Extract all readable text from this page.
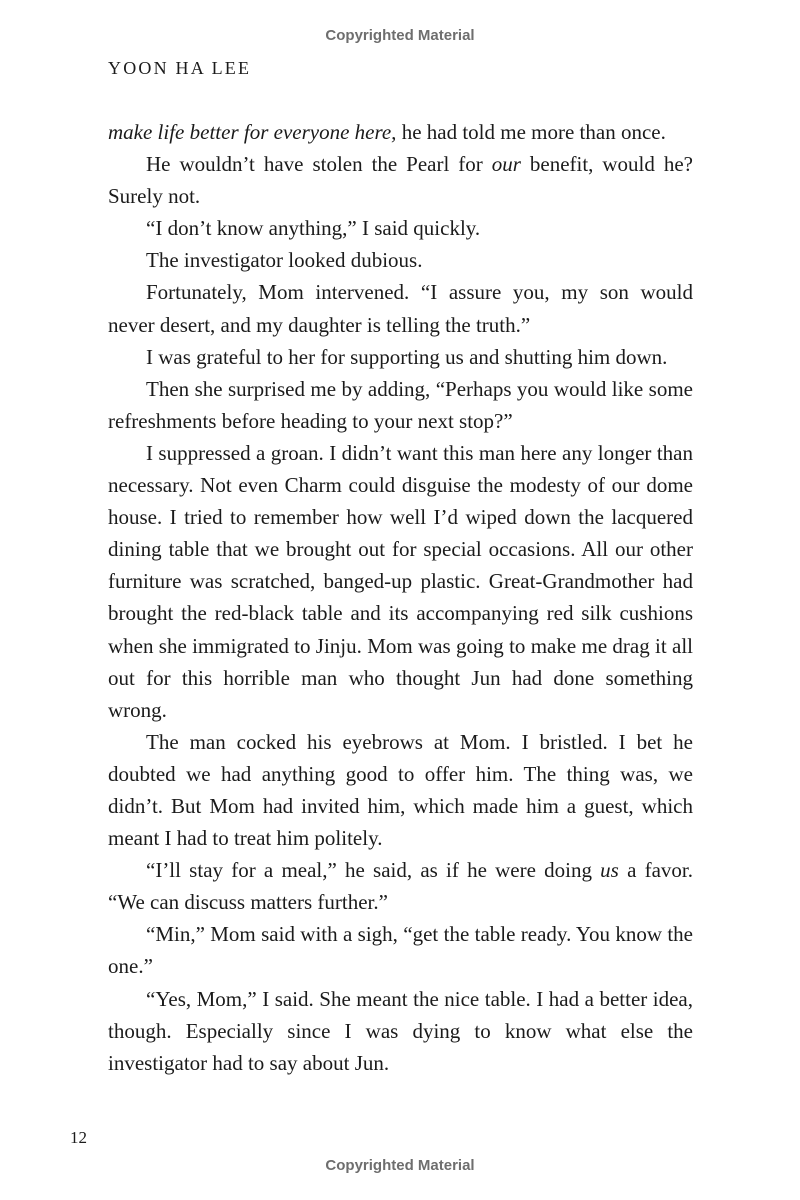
Copyrighted Material
YOON HA LEE

make life better for everyone here, he had told me more than once.

He wouldn’t have stolen the Pearl for our benefit, would he? Surely not.

“I don’t know anything,” I said quickly.

The investigator looked dubious.

Fortunately, Mom intervened. “I assure you, my son would never desert, and my daughter is telling the truth.”

I was grateful to her for supporting us and shutting him down.

Then she surprised me by adding, “Perhaps you would like some refreshments before heading to your next stop?”

I suppressed a groan. I didn’t want this man here any longer than necessary. Not even Charm could disguise the modesty of our dome house. I tried to remember how well I’d wiped down the lacquered dining table that we brought out for special occasions. All our other furniture was scratched, banged-up plastic. Great-Grandmother had brought the red-black table and its accompanying red silk cushions when she immigrated to Jinju. Mom was going to make me drag it all out for this horrible man who thought Jun had done something wrong.

The man cocked his eyebrows at Mom. I bristled. I bet he doubted we had anything good to offer him. The thing was, we didn’t. But Mom had invited him, which made him a guest, which meant I had to treat him politely.

“I’ll stay for a meal,” he said, as if he were doing us a favor. “We can discuss matters further.”

“Min,” Mom said with a sigh, “get the table ready. You know the one.”

“Yes, Mom,” I said. She meant the nice table. I had a better idea, though. Especially since I was dying to know what else the investigator had to say about Jun.

12
Copyrighted Material
